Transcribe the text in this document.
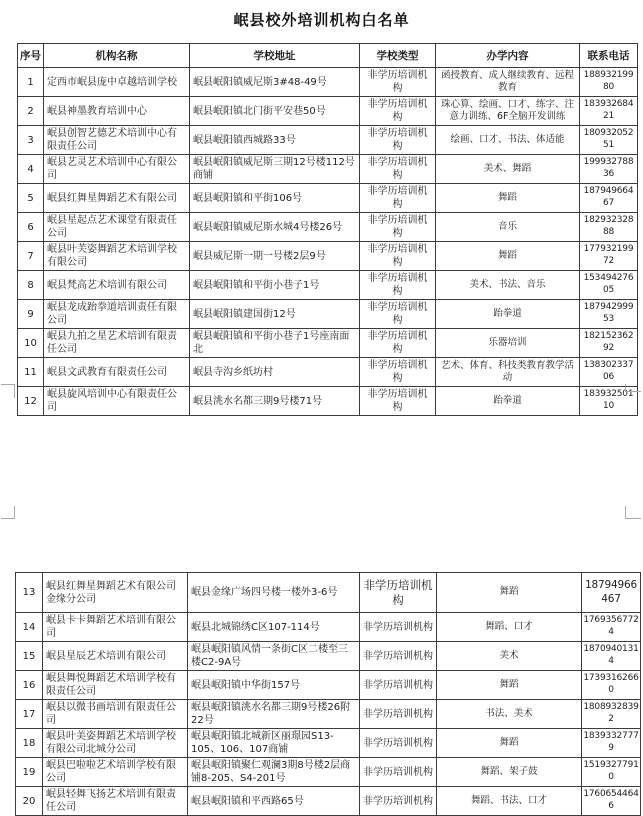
岷县校外培训机构白名单
序号	机构名称	学校地址	学校类型	办学内容	联系电话
1	定西市岷县庞中卓越培训学校	岷县岷阳镇威尼斯3#48-49号	非学历培训机构	函授教育、成人继续教育、远程教育	18893219980
2	岷县神墨教育培训中心	岷县岷阳镇北门街平安巷50号	非学历培训机构	珠心算、绘画、口才、练字、注意力训练、6F全脑开发训练	18393268421
3	岷县创智艺德艺术培训中心有限责任公司	岷县岷阳镇西城路33号	非学历培训机构	绘画、口才、书法、体适能	18093205251
4	岷县艺灵艺术培训中心有限公司	岷县岷阳镇威尼斯三期12号楼112号商铺	非学历培训机构	美术、舞蹈	19993278836
5	岷县红舞星舞蹈艺术有限公司	岷县岷阳镇和平街106号	非学历培训机构	舞蹈	18794966467
6	岷县星起点艺术课堂有限责任公司	岷县岷阳镇威尼斯水城4号楼26号	非学历培训机构	音乐	18293232888
7	岷县叶芙姿舞蹈艺术培训学校有限公司	岷县威尼斯一期一号楼2层9号	非学历培训机构	舞蹈	17793219972
8	岷县梵高艺术培训有限公司	岷县岷阳镇和平街小巷子1号	非学历培训机构	美术、书法、音乐	15349427605
9	岷县龙成跆拳道培训责任有限公司	岷县岷阳镇建国街12号	非学历培训机构	跆拳道	18794299953
10	岷县九拍之星艺术培训有限责任公司	岷县岷阳镇和平街小巷子1号座南面北	非学历培训机构	乐器培训	18215236292
11	岷县文武教育有限责任公司	岷县寺沟乡纸坊村	非学历培训机构	艺术、体育、科技类教育教学活动	13830233706
12	岷县旋风培训中心有限责任公司	岷县洮水名都三期9号楼71号	非学历培训机构	跆拳道	18393250110
13	岷县红舞星舞蹈艺术有限公司金缘分公司	岷县金缘广场四号楼一楼外3-6号	非学历培训机构	舞蹈	18794966467
14	岷县卡卡舞蹈艺术培训有限公司	岷县北城锦绣C区107-114号	非学历培训机构	舞蹈、口才	17693567724
15	岷县星辰艺术培训有限公司	岷县岷阳镇风情一条街C区二楼至三楼C2-9A号	非学历培训机构	美术	18709401314
16	岷县舞悦舞蹈艺术培训学校有限责任公司	岷县岷阳镇中华街157号	非学历培训机构	舞蹈	17393162660
17	岷县以微书画培训有限责任公司	岷县岷阳镇洮水名都三期9号楼26附22号	非学历培训机构	书法、美术	18089328392
18	岷县叶美姿舞蹈艺术培训学校有限公司北城分公司	岷县岷阳镇北城新区丽璟园S13-105、106、107商铺	非学历培训机构	舞蹈	18393327779
19	岷县巴啦啦艺术培训学校有限公司	岷县岷阳镇聚仁观澜3期8号楼2层商铺8-205、S4-201号	非学历培训机构	舞蹈、架子鼓	15193277910
20	岷县轻舞飞扬艺术培训有限责任公司	岷县岷阳镇和平西路65号	非学历培训机构	舞蹈、书法、口才	17606544646
